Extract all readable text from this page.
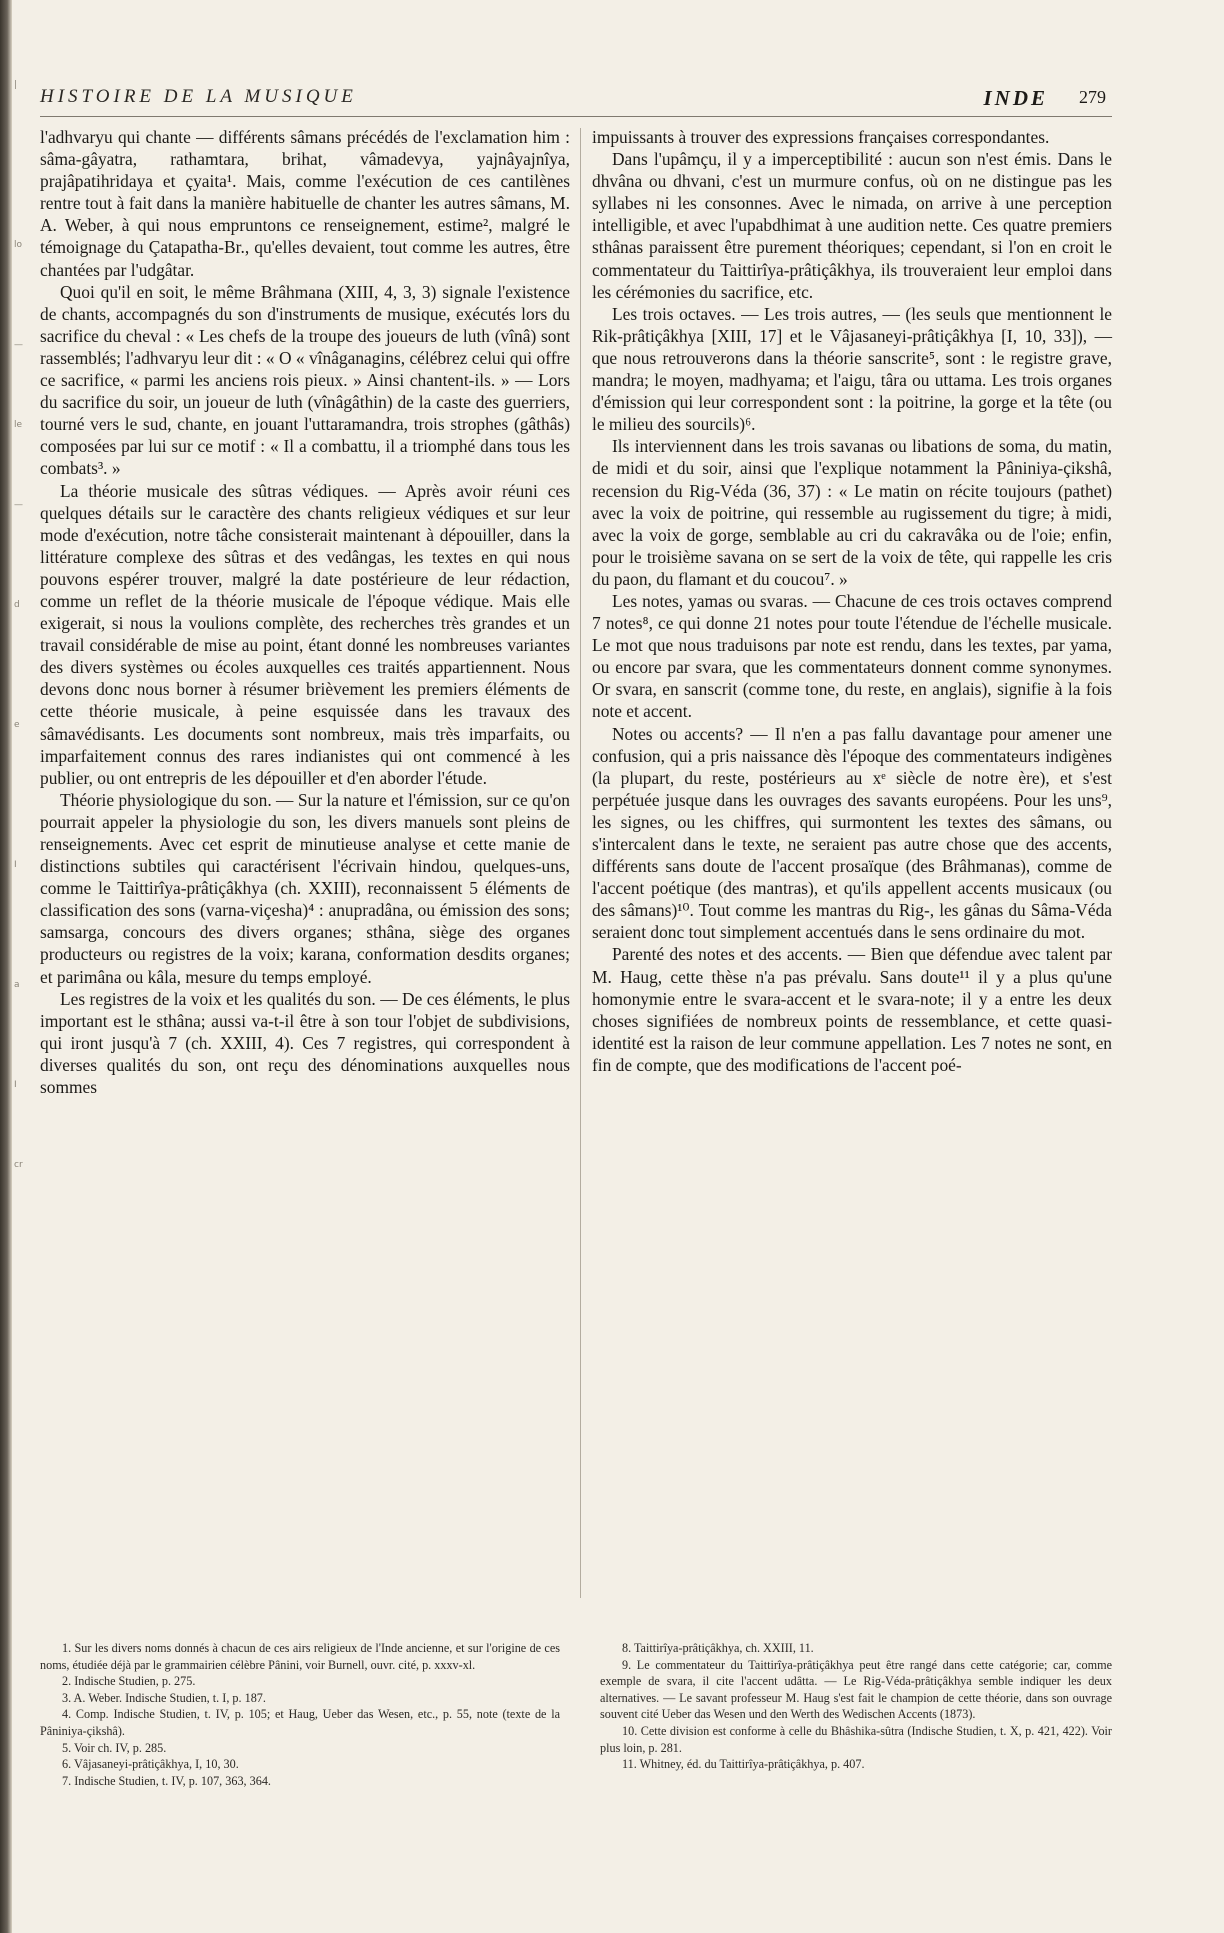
|
lo
—
le
—
d
e
I
a
I
cr
HISTOIRE DE LA MUSIQUE	INDE 279

l'adhvaryu qui chante — différents sâmans précédés de l'exclamation him : sâma-gâyatra, rathamtara, brihat, vâmadevya, yajnâyajnîya, prajâpatihridaya et çyaita¹. Mais, comme l'exécution de ces cantilènes rentre tout à fait dans la manière habituelle de chanter les autres sâmans, M. A. Weber, à qui nous empruntons ce renseignement, estime², malgré le témoignage du Çatapatha-Br., qu'elles devaient, tout comme les autres, être chantées par l'udgâtar.

Quoi qu'il en soit, le même Brâhmana (XIII, 4, 3, 3) signale l'existence de chants, accompagnés du son d'instruments de musique, exécutés lors du sacrifice du cheval : « Les chefs de la troupe des joueurs de luth (vînâ) sont rassemblés; l'adhvaryu leur dit : « O « vînâganagins, célébrez celui qui offre ce sacrifice, « parmi les anciens rois pieux. » Ainsi chantent-ils. » — Lors du sacrifice du soir, un joueur de luth (vînâgâthin) de la caste des guerriers, tourné vers le sud, chante, en jouant l'uttaramandra, trois strophes (gâthâs) composées par lui sur ce motif : « Il a combattu, il a triomphé dans tous les combats³. »

La théorie musicale des sûtras védiques. — Après avoir réuni ces quelques détails sur le caractère des chants religieux védiques et sur leur mode d'exécution, notre tâche consisterait maintenant à dépouiller, dans la littérature complexe des sûtras et des vedângas, les textes en qui nous pouvons espérer trouver, malgré la date postérieure de leur rédaction, comme un reflet de la théorie musicale de l'époque védique. Mais elle exigerait, si nous la voulions complète, des recherches très grandes et un travail considérable de mise au point, étant donné les nombreuses variantes des divers systèmes ou écoles auxquelles ces traités appartiennent. Nous devons donc nous borner à résumer brièvement les premiers éléments de cette théorie musicale, à peine esquissée dans les travaux des sâmavédisants. Les documents sont nombreux, mais très imparfaits, ou imparfaitement connus des rares indianistes qui ont commencé à les publier, ou ont entrepris de les dépouiller et d'en aborder l'étude.

Théorie physiologique du son. — Sur la nature et l'émission, sur ce qu'on pourrait appeler la physiologie du son, les divers manuels sont pleins de renseignements. Avec cet esprit de minutieuse analyse et cette manie de distinctions subtiles qui caractérisent l'écrivain hindou, quelques-uns, comme le Taittirîya-prâtiçâkhya (ch. XXIII), reconnaissent 5 éléments de classification des sons (varna-viçesha)⁴ : anupradâna, ou émission des sons; samsarga, concours des divers organes; sthâna, siège des organes producteurs ou registres de la voix; karana, conformation desdits organes; et parimâna ou kâla, mesure du temps employé.

Les registres de la voix et les qualités du son. — De ces éléments, le plus important est le sthâna; aussi va-t-il être à son tour l'objet de subdivisions, qui iront jusqu'à 7 (ch. XXIII, 4). Ces 7 registres, qui correspondent à diverses qualités du son, ont reçu des dénominations auxquelles nous sommes

impuissants à trouver des expressions françaises correspondantes.

Dans l'upâmçu, il y a imperceptibilité : aucun son n'est émis. Dans le dhvâna ou dhvani, c'est un murmure confus, où on ne distingue pas les syllabes ni les consonnes. Avec le nimada, on arrive à une perception intelligible, et avec l'upabdhimat à une audition nette. Ces quatre premiers sthânas paraissent être purement théoriques; cependant, si l'on en croit le commentateur du Taittirîya-prâtiçâkhya, ils trouveraient leur emploi dans les cérémonies du sacrifice, etc.

Les trois octaves. — Les trois autres, — (les seuls que mentionnent le Rik-prâtiçâkhya [XIII, 17] et le Vâjasaneyi-prâtiçâkhya [I, 10, 33]), — que nous retrouverons dans la théorie sanscrite⁵, sont : le registre grave, mandra; le moyen, madhyama; et l'aigu, târa ou uttama. Les trois organes d'émission qui leur correspondent sont : la poitrine, la gorge et la tête (ou le milieu des sourcils)⁶.

Ils interviennent dans les trois savanas ou libations de soma, du matin, de midi et du soir, ainsi que l'explique notamment la Pâniniya-çikshâ, recension du Rig-Véda (36, 37) : « Le matin on récite toujours (pathet) avec la voix de poitrine, qui ressemble au rugissement du tigre; à midi, avec la voix de gorge, semblable au cri du cakravâka ou de l'oie; enfin, pour le troisième savana on se sert de la voix de tête, qui rappelle les cris du paon, du flamant et du coucou⁷. »

Les notes, yamas ou svaras. — Chacune de ces trois octaves comprend 7 notes⁸, ce qui donne 21 notes pour toute l'étendue de l'échelle musicale. Le mot que nous traduisons par note est rendu, dans les textes, par yama, ou encore par svara, que les commentateurs donnent comme synonymes. Or svara, en sanscrit (comme tone, du reste, en anglais), signifie à la fois note et accent.

Notes ou accents? — Il n'en a pas fallu davantage pour amener une confusion, qui a pris naissance dès l'époque des commentateurs indigènes (la plupart, du reste, postérieurs au xᵉ siècle de notre ère), et s'est perpétuée jusque dans les ouvrages des savants européens. Pour les uns⁹, les signes, ou les chiffres, qui surmontent les textes des sâmans, ou s'intercalent dans le texte, ne seraient pas autre chose que des accents, différents sans doute de l'accent prosaïque (des Brâhmanas), comme de l'accent poétique (des mantras), et qu'ils appellent accents musicaux (ou des sâmans)¹⁰. Tout comme les mantras du Rig-, les gânas du Sâma-Véda seraient donc tout simplement accentués dans le sens ordinaire du mot.

Parenté des notes et des accents. — Bien que défendue avec talent par M. Haug, cette thèse n'a pas prévalu. Sans doute¹¹ il y a plus qu'une homonymie entre le svara-accent et le svara-note; il y a entre les deux choses signifiées de nombreux points de ressemblance, et cette quasi-identité est la raison de leur commune appellation. Les 7 notes ne sont, en fin de compte, que des modifications de l'accent poé-

1. Sur les divers noms donnés à chacun de ces airs religieux de l'Inde ancienne, et sur l'origine de ces noms, étudiée déjà par le grammairien célèbre Pânini, voir Burnell, ouvr. cité, p. xxxv-xl.

2. Indische Studien, p. 275.

3. A. Weber. Indische Studien, t. I, p. 187.

4. Comp. Indische Studien, t. IV, p. 105; et Haug, Ueber das Wesen, etc., p. 55, note (texte de la Pâniniya-çikshâ).

5. Voir ch. IV, p. 285.

6. Vâjasaneyi-prâtiçâkhya, I, 10, 30.

7. Indische Studien, t. IV, p. 107, 363, 364.

8. Taittirîya-prâtiçâkhya, ch. XXIII, 11.

9. Le commentateur du Taittirîya-prâtiçâkhya peut être rangé dans cette catégorie; car, comme exemple de svara, il cite l'accent udâtta. — Le Rig-Véda-prâtiçâkhya semble indiquer les deux alternatives. — Le savant professeur M. Haug s'est fait le champion de cette théorie, dans son ouvrage souvent cité Ueber das Wesen und den Werth des Wedischen Accents (1873).

10. Cette division est conforme à celle du Bhâshika-sûtra (Indische Studien, t. X, p. 421, 422). Voir plus loin, p. 281.

11. Whitney, éd. du Taittirîya-prâtiçâkhya, p. 407.
